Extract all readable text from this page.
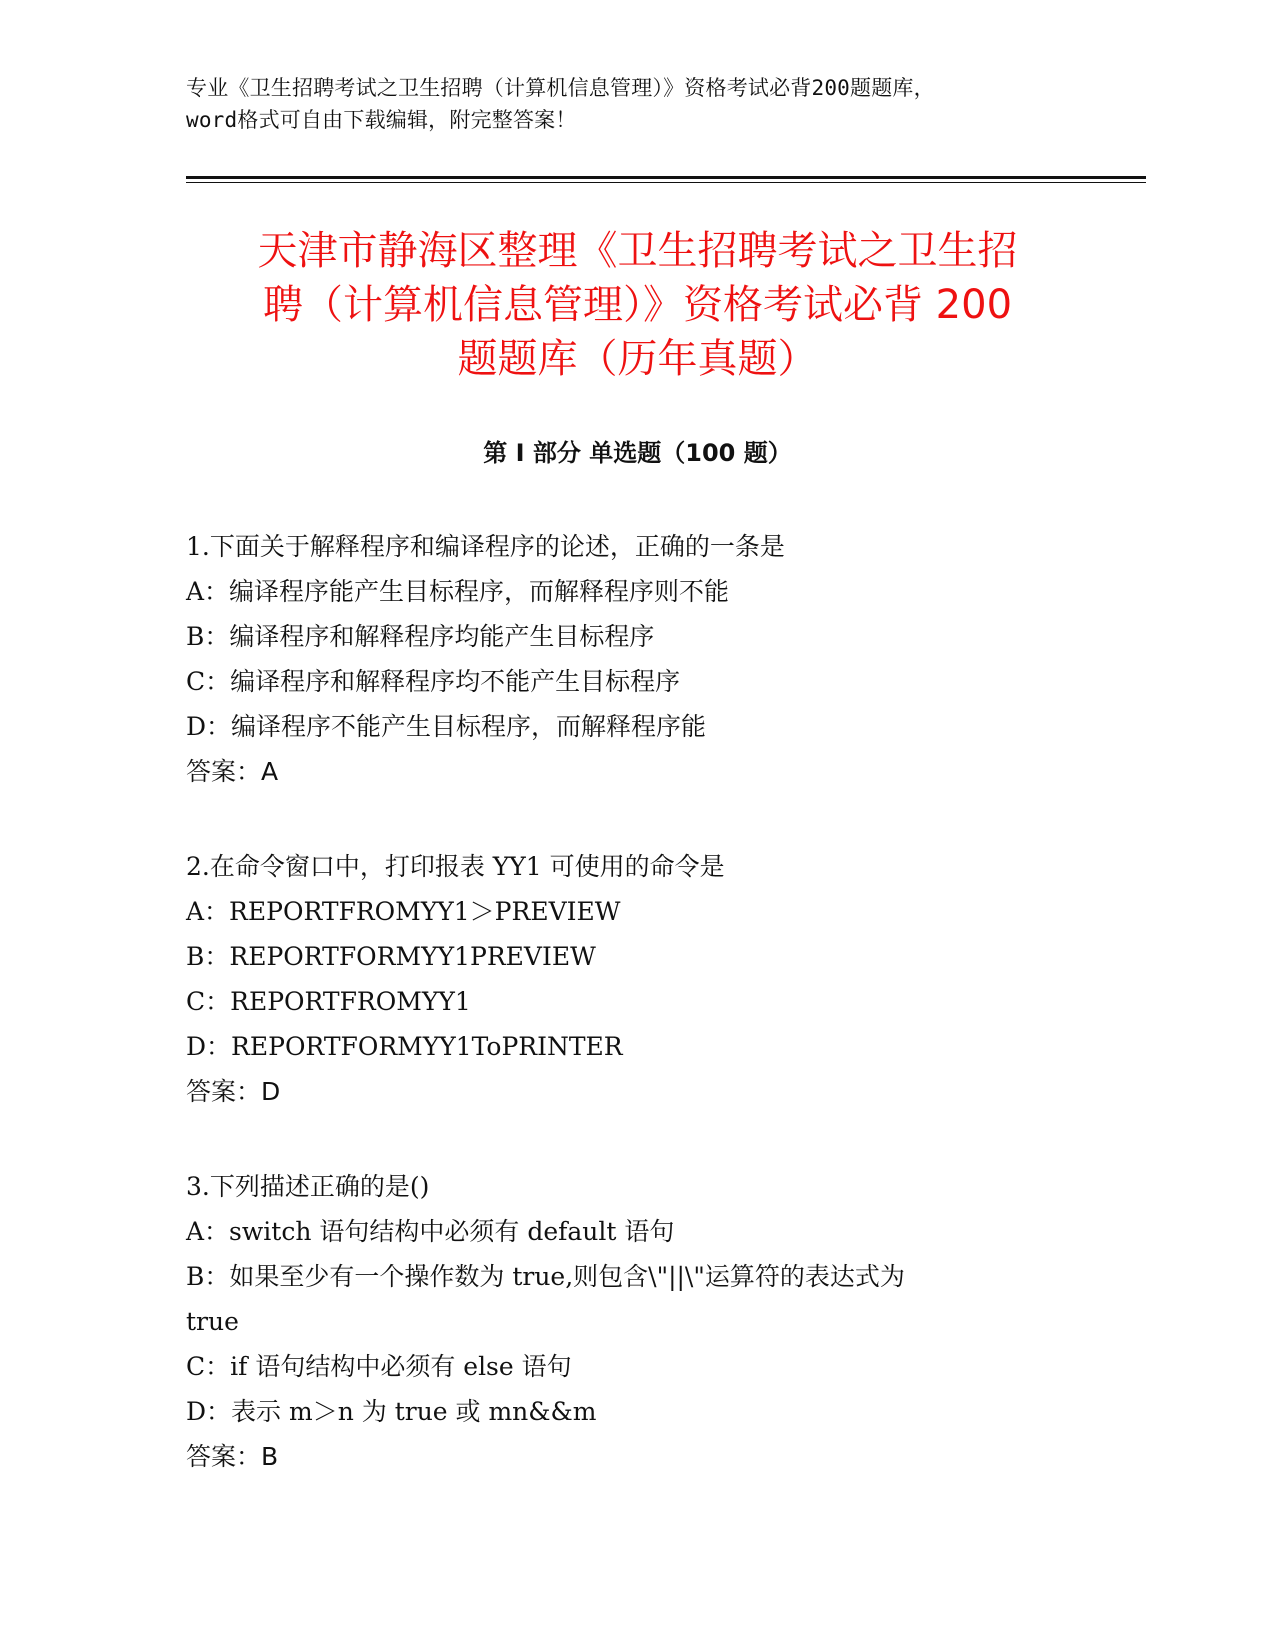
专业《卫生招聘考试之卫生招聘（计算机信息管理）》资格考试必背200题题库，
word格式可自由下载编辑，附完整答案！
天津市静海区整理《卫生招聘考试之卫生招
聘（计算机信息管理）》资格考试必背 200
题题库（历年真题）
第 I 部分 单选题（100 题）
1.下面关于解释程序和编译程序的论述，正确的一条是
A：编译程序能产生目标程序，而解释程序则不能
B：编译程序和解释程序均能产生目标程序
C：编译程序和解释程序均不能产生目标程序
D：编译程序不能产生目标程序，而解释程序能
答案：A
2.在命令窗口中，打印报表 YY1 可使用的命令是
A：REPORTFROMYY1＞PREVIEW
B：REPORTFORMYY1PREVIEW
C：REPORTFROMYY1
D：REPORTFORMYY1ToPRINTER
答案：D
3.下列描述正确的是()
A：switch 语句结构中必须有 default 语句
B：如果至少有一个操作数为 true,则包含\"||\"运算符的表达式为
true
C：if 语句结构中必须有 else 语句
D：表示 m＞n 为 true 或 mn&&m
答案：B
